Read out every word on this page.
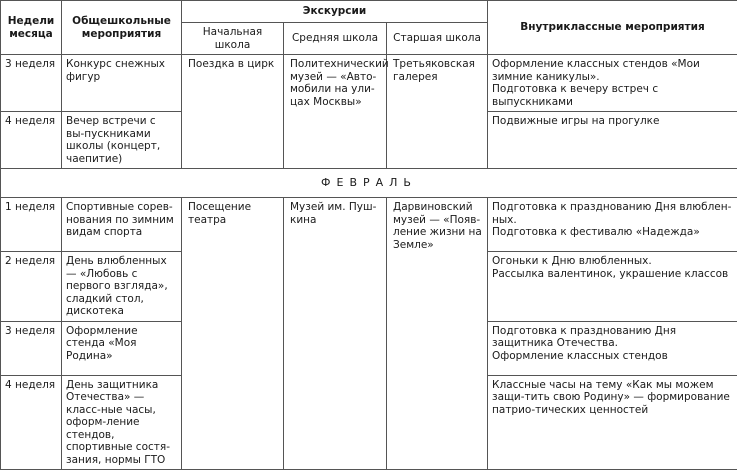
Недели месяца	Общешкольные мероприятия	Экскурсии			Внутриклассные мероприятия
		Начальная школа	Средняя школа	Старшая школа	
3 неделя	Конкурс снежных фигур	Поездка в цирк	Политехнический музей — «Авто-мобили на ули-цах Москвы»	Третьяковская галерея	Оформление классных стендов «Мои зимние каникулы».
Подготовка к вечеру встреч с выпускниками

4 неделя	Вечер встречи с вы-пускниками школы (концерт, чаепитие)				Подвижные игры на прогулке

ФЕВРАЛЬ					
1 неделя	Спортивные сорев-нования по зимним видам спорта	Посещение театра	Музей им. Пуш-кина	Дарвиновский музей — «Появ-ление жизни на Земле»	Подготовка к празднованию Дня влюблен-ных.
Подготовка к фестивалю «Надежда»

2 неделя	День влюбленных — «Любовь с первого взгляда», сладкий стол, дискотека				Огоньки к Дню влюбленных.
Рассылка валентинок, украшение классов

3 неделя	Оформление стенда «Моя Родина»				Подготовка к празднованию Дня защитника Отечества.
Оформление классных стендов

4 неделя	День защитника Отечества» — класс-ные часы, оформ-ление стендов, спортивные состя-зания, нормы ГТО				Классные часы на тему «Как мы можем защи-тить свою Родину» — формирование патрио-тических ценностей
